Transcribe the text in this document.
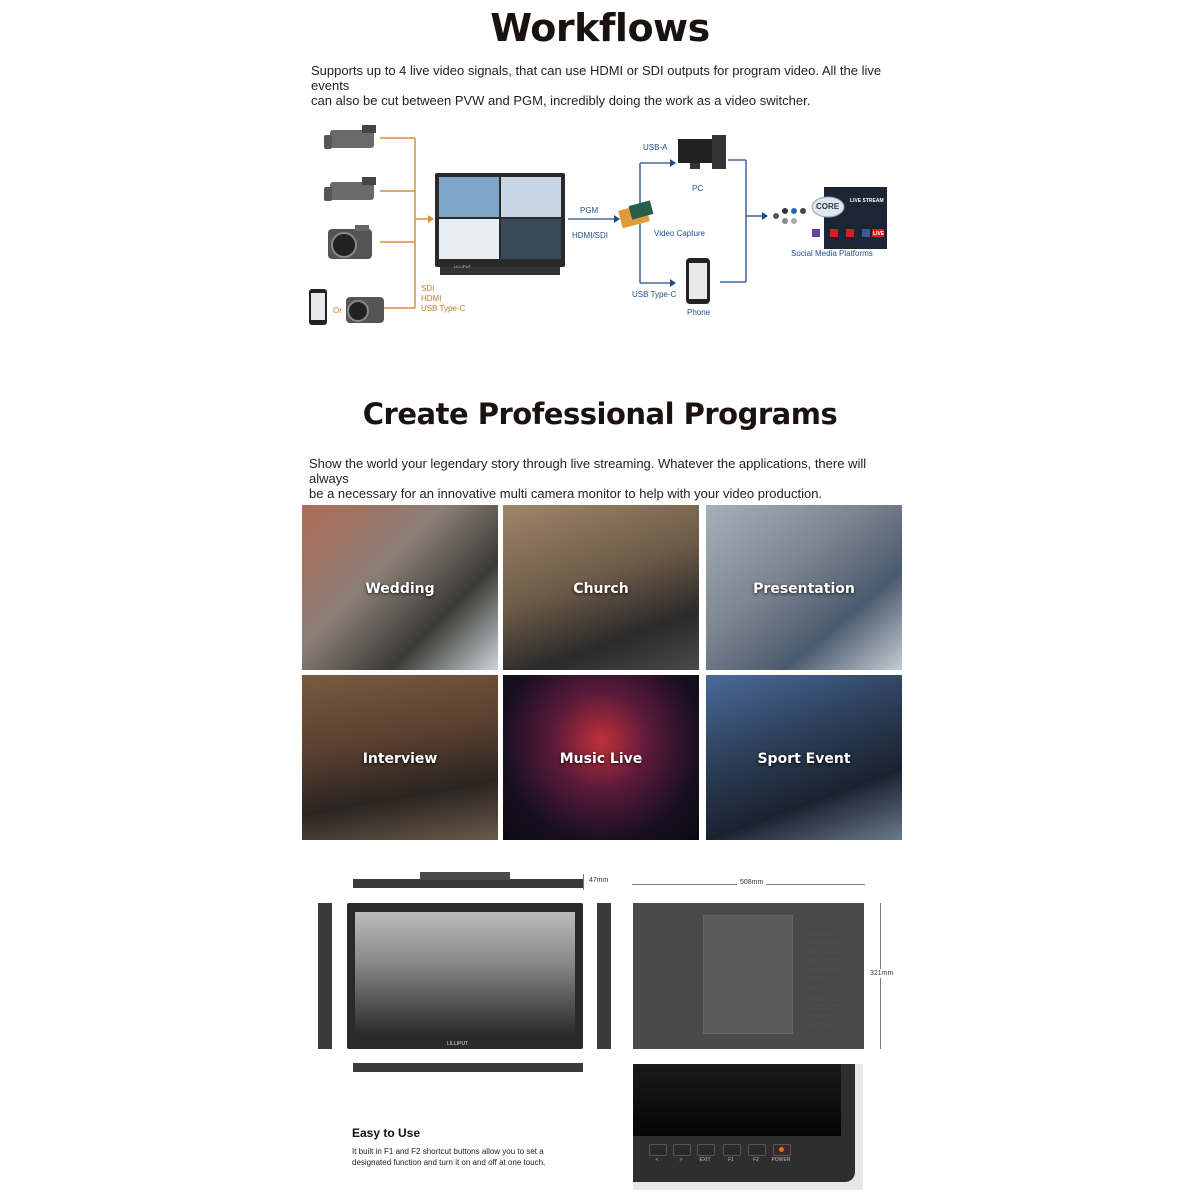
Workflows
Supports up to 4 live video signals, that can use HDMI or SDI outputs for program video. All the live events
can also be cut between PVW and PGM, incredibly doing the work as a video switcher.
Or
SDI
HDMI
USB Type-C
PGM
HDMI/SDI	Video Capture
USB-A
PC
USB Type-C
Phone
Social Media Platforms
CORE
LIVE STREAM
LIVE
LILLIPUT
Create Professional Programs
Show the world your legendary story through live streaming. Whatever the applications, there will always
be a necessary for an innovative multi camera monitor to help with your video production.
Wedding	Church	Presentation
Interview	Music Live	Sport Event
47mm
LILLIPUT
508mm
SDI PGM out
SDI Loop out 2
SDI in 2
SDI Loop out 1
SDI in 1
HDMI PGM out
HDMI in 2
HDMI in 1
Earphone Jack
USB Type-C
Upgrade
DC 12-24V
321mm
Easy to Use
It built in F1 and F2 shortcut buttons allow you to set a
designated function and turn it on and off at one touch.	<	>	EXIT	F1	F2	POWER
